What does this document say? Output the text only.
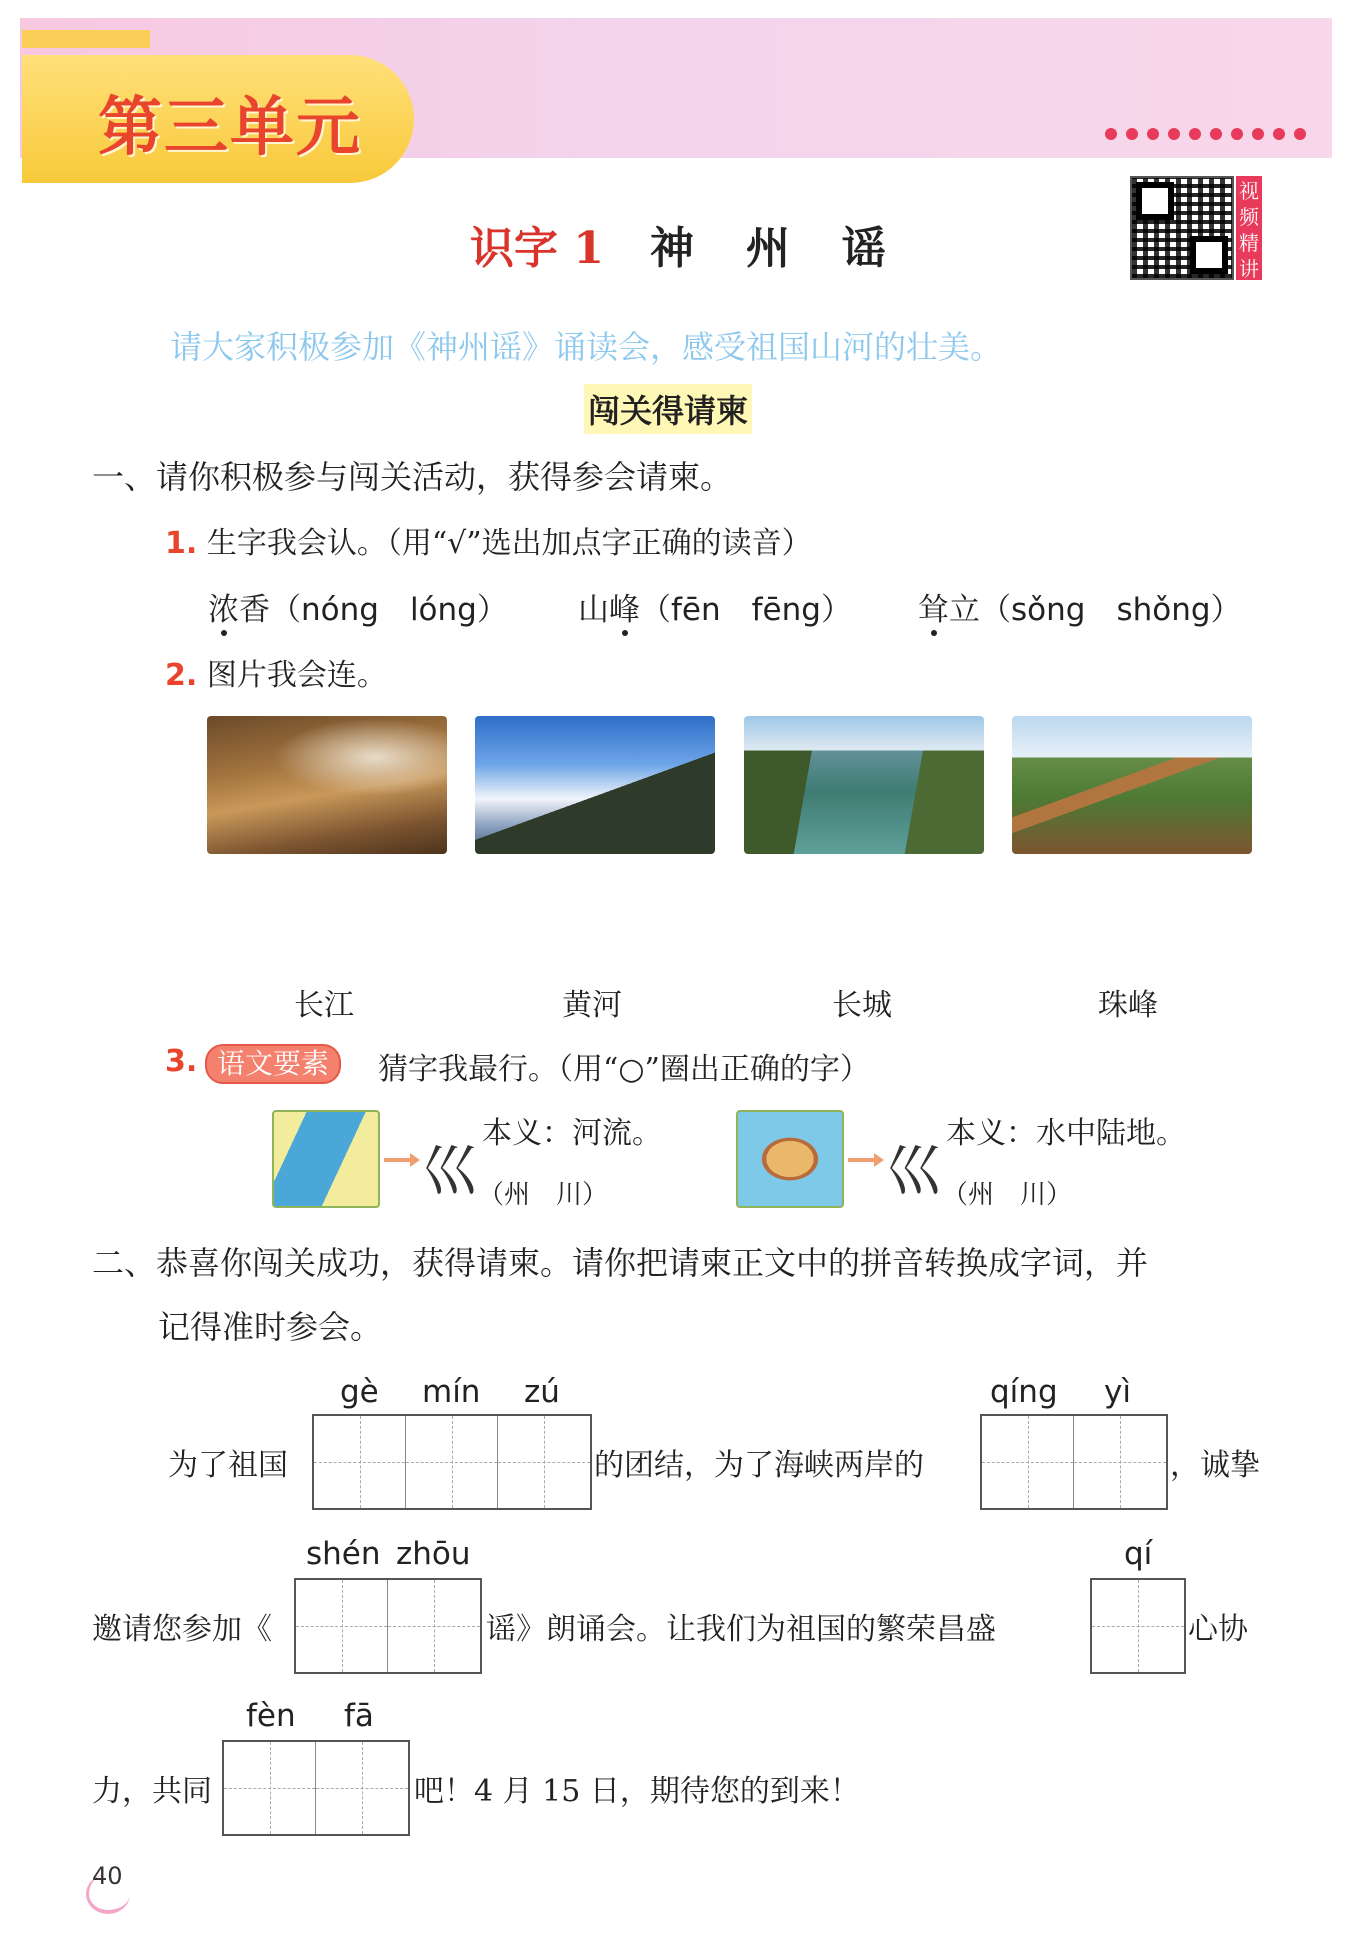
第三单元
视频精讲
识字 1 神州谣
请大家积极参加《神州谣》诵读会，感受祖国山河的壮美。
闯关得请柬
一、请你积极参与闯关活动，获得参会请柬。
1. 生字我会认。（用“√”选出加点字正确的读音）
浓香（nóng　lóng） 山峰（fēn　fēng） 耸立（sǒng　shǒng）
2. 图片我会连。
长江	黄河	长城	珠峰
3. 语文要素	猜字我最行。（用“○”圈出正确的字）
巛
本义：河流。
（州　川）	巛
本义：水中陆地。
（州　川）
二、恭喜你闯关成功，获得请柬。请你把请柬正文中的拼音转换成字词，并
记得准时参会。
为了祖国
gè mín zú
的团结，为了海峡两岸的
qíng yì
，诚挚
邀请您参加《
shén zhōu
谣》朗诵会。让我们为祖国的繁荣昌盛
qí
心协
力，共同
fèn fā
吧！4 月 15 日，期待您的到来！
40
